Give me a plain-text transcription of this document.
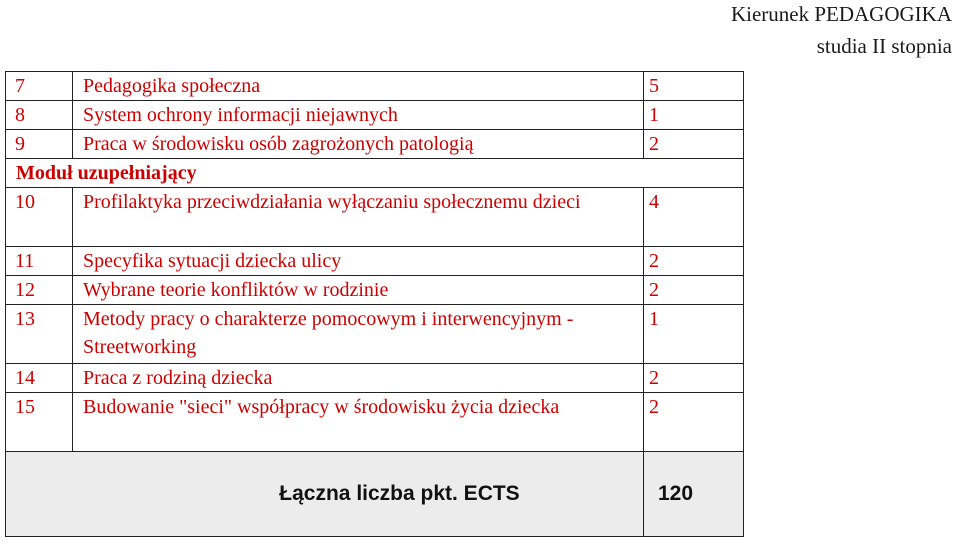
Kierunek PEDAGOGIKA
studia II stopnia
7	Pedagogika społeczna	5
8	System ochrony informacji niejawnych	1
9	Praca w środowisku osób zagrożonych patologią	2
Moduł uzupełniający		
10	Profilaktyka przeciwdziałania wyłączaniu społecznemu dzieci	4
11	Specyfika sytuacji dziecka ulicy	2
12	Wybrane teorie konfliktów w rodzinie	2
13	Metody pracy o charakterze pomocowym i interwencyjnym - Streetworking	1
14	Praca z rodziną dziecka	2
15	Budowanie "sieci" współpracy w środowisku życia dziecka	2
Łączna liczba pkt. ECTS		120
